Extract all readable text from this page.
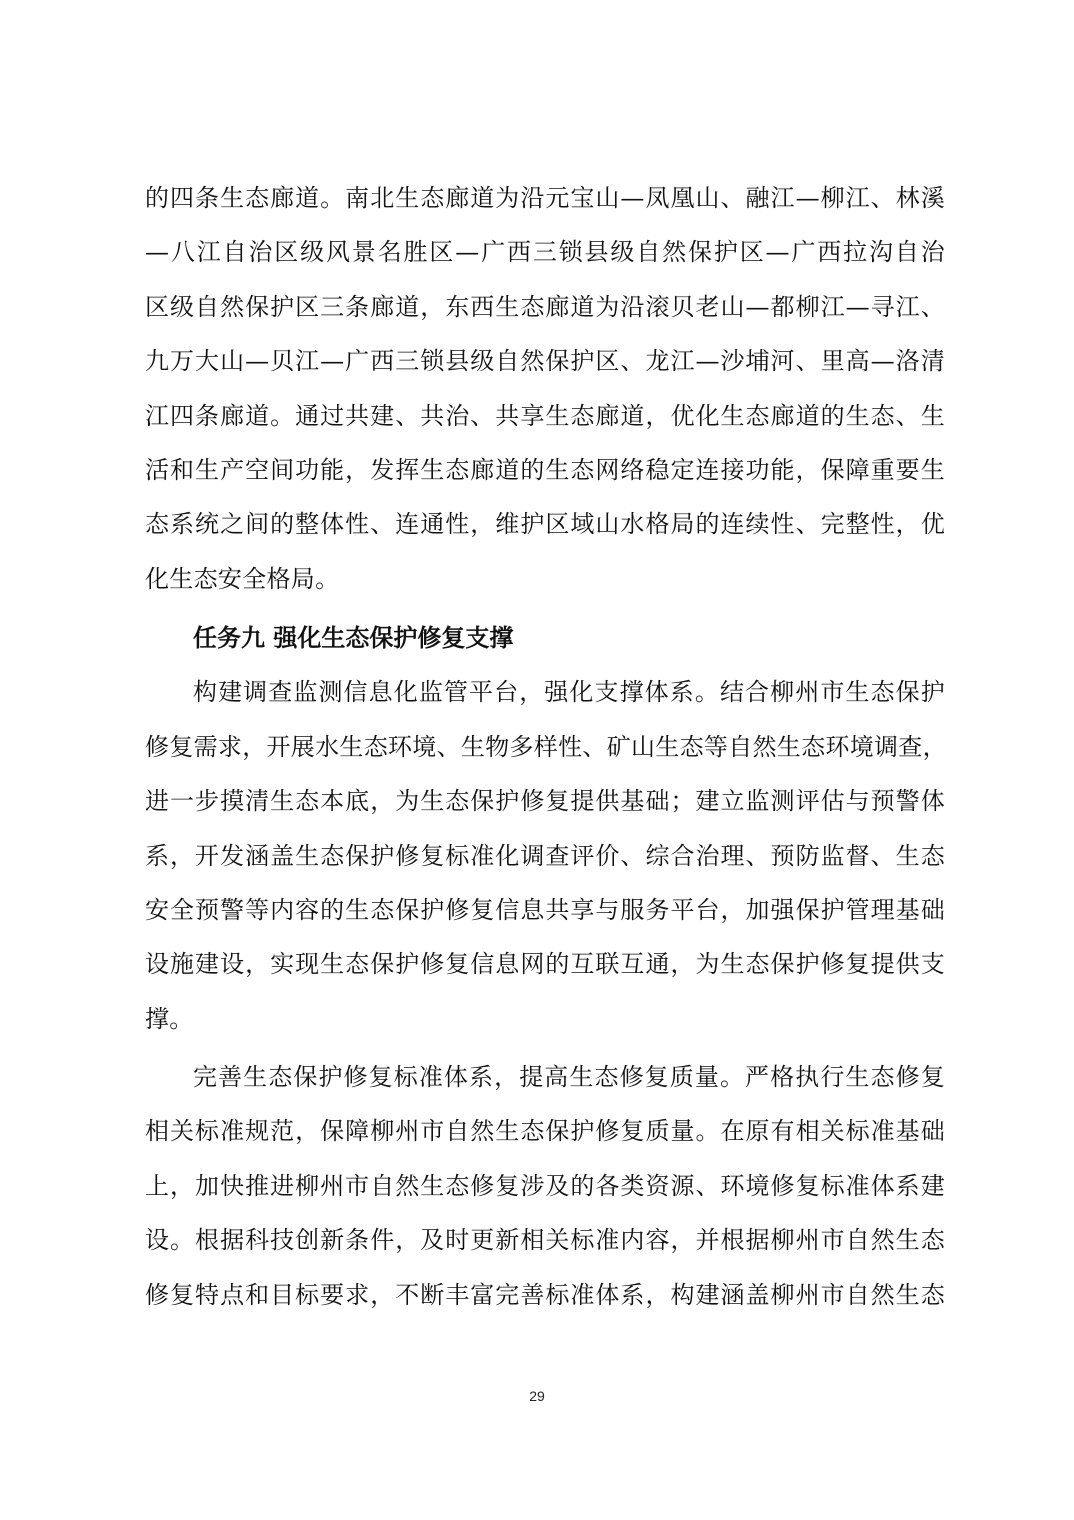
的四条生态廊道。南北生态廊道为沿元宝山—凤凰山、融江—柳江、林溪
—八江自治区级风景名胜区—广西三锁县级自然保护区—广西拉沟自治
区级自然保护区三条廊道，东西生态廊道为沿滚贝老山—都柳江—寻江、
九万大山—贝江—广西三锁县级自然保护区、龙江—沙埔河、里高—洛清
江四条廊道。通过共建、共治、共享生态廊道，优化生态廊道的生态、生
活和生产空间功能，发挥生态廊道的生态网络稳定连接功能，保障重要生
态系统之间的整体性、连通性，维护区域山水格局的连续性、完整性，优
化生态安全格局。
任务九 强化生态保护修复支撑
构建调查监测信息化监管平台，强化支撑体系。结合柳州市生态保护
修复需求，开展水生态环境、生物多样性、矿山生态等自然生态环境调查，
进一步摸清生态本底，为生态保护修复提供基础；建立监测评估与预警体
系，开发涵盖生态保护修复标准化调查评价、综合治理、预防监督、生态
安全预警等内容的生态保护修复信息共享与服务平台，加强保护管理基础
设施建设，实现生态保护修复信息网的互联互通，为生态保护修复提供支
撑。
完善生态保护修复标准体系，提高生态修复质量。严格执行生态修复
相关标准规范，保障柳州市自然生态保护修复质量。在原有相关标准基础
上，加快推进柳州市自然生态修复涉及的各类资源、环境修复标准体系建
设。根据科技创新条件，及时更新相关标准内容，并根据柳州市自然生态
修复特点和目标要求，不断丰富完善标准体系，构建涵盖柳州市自然生态
29
